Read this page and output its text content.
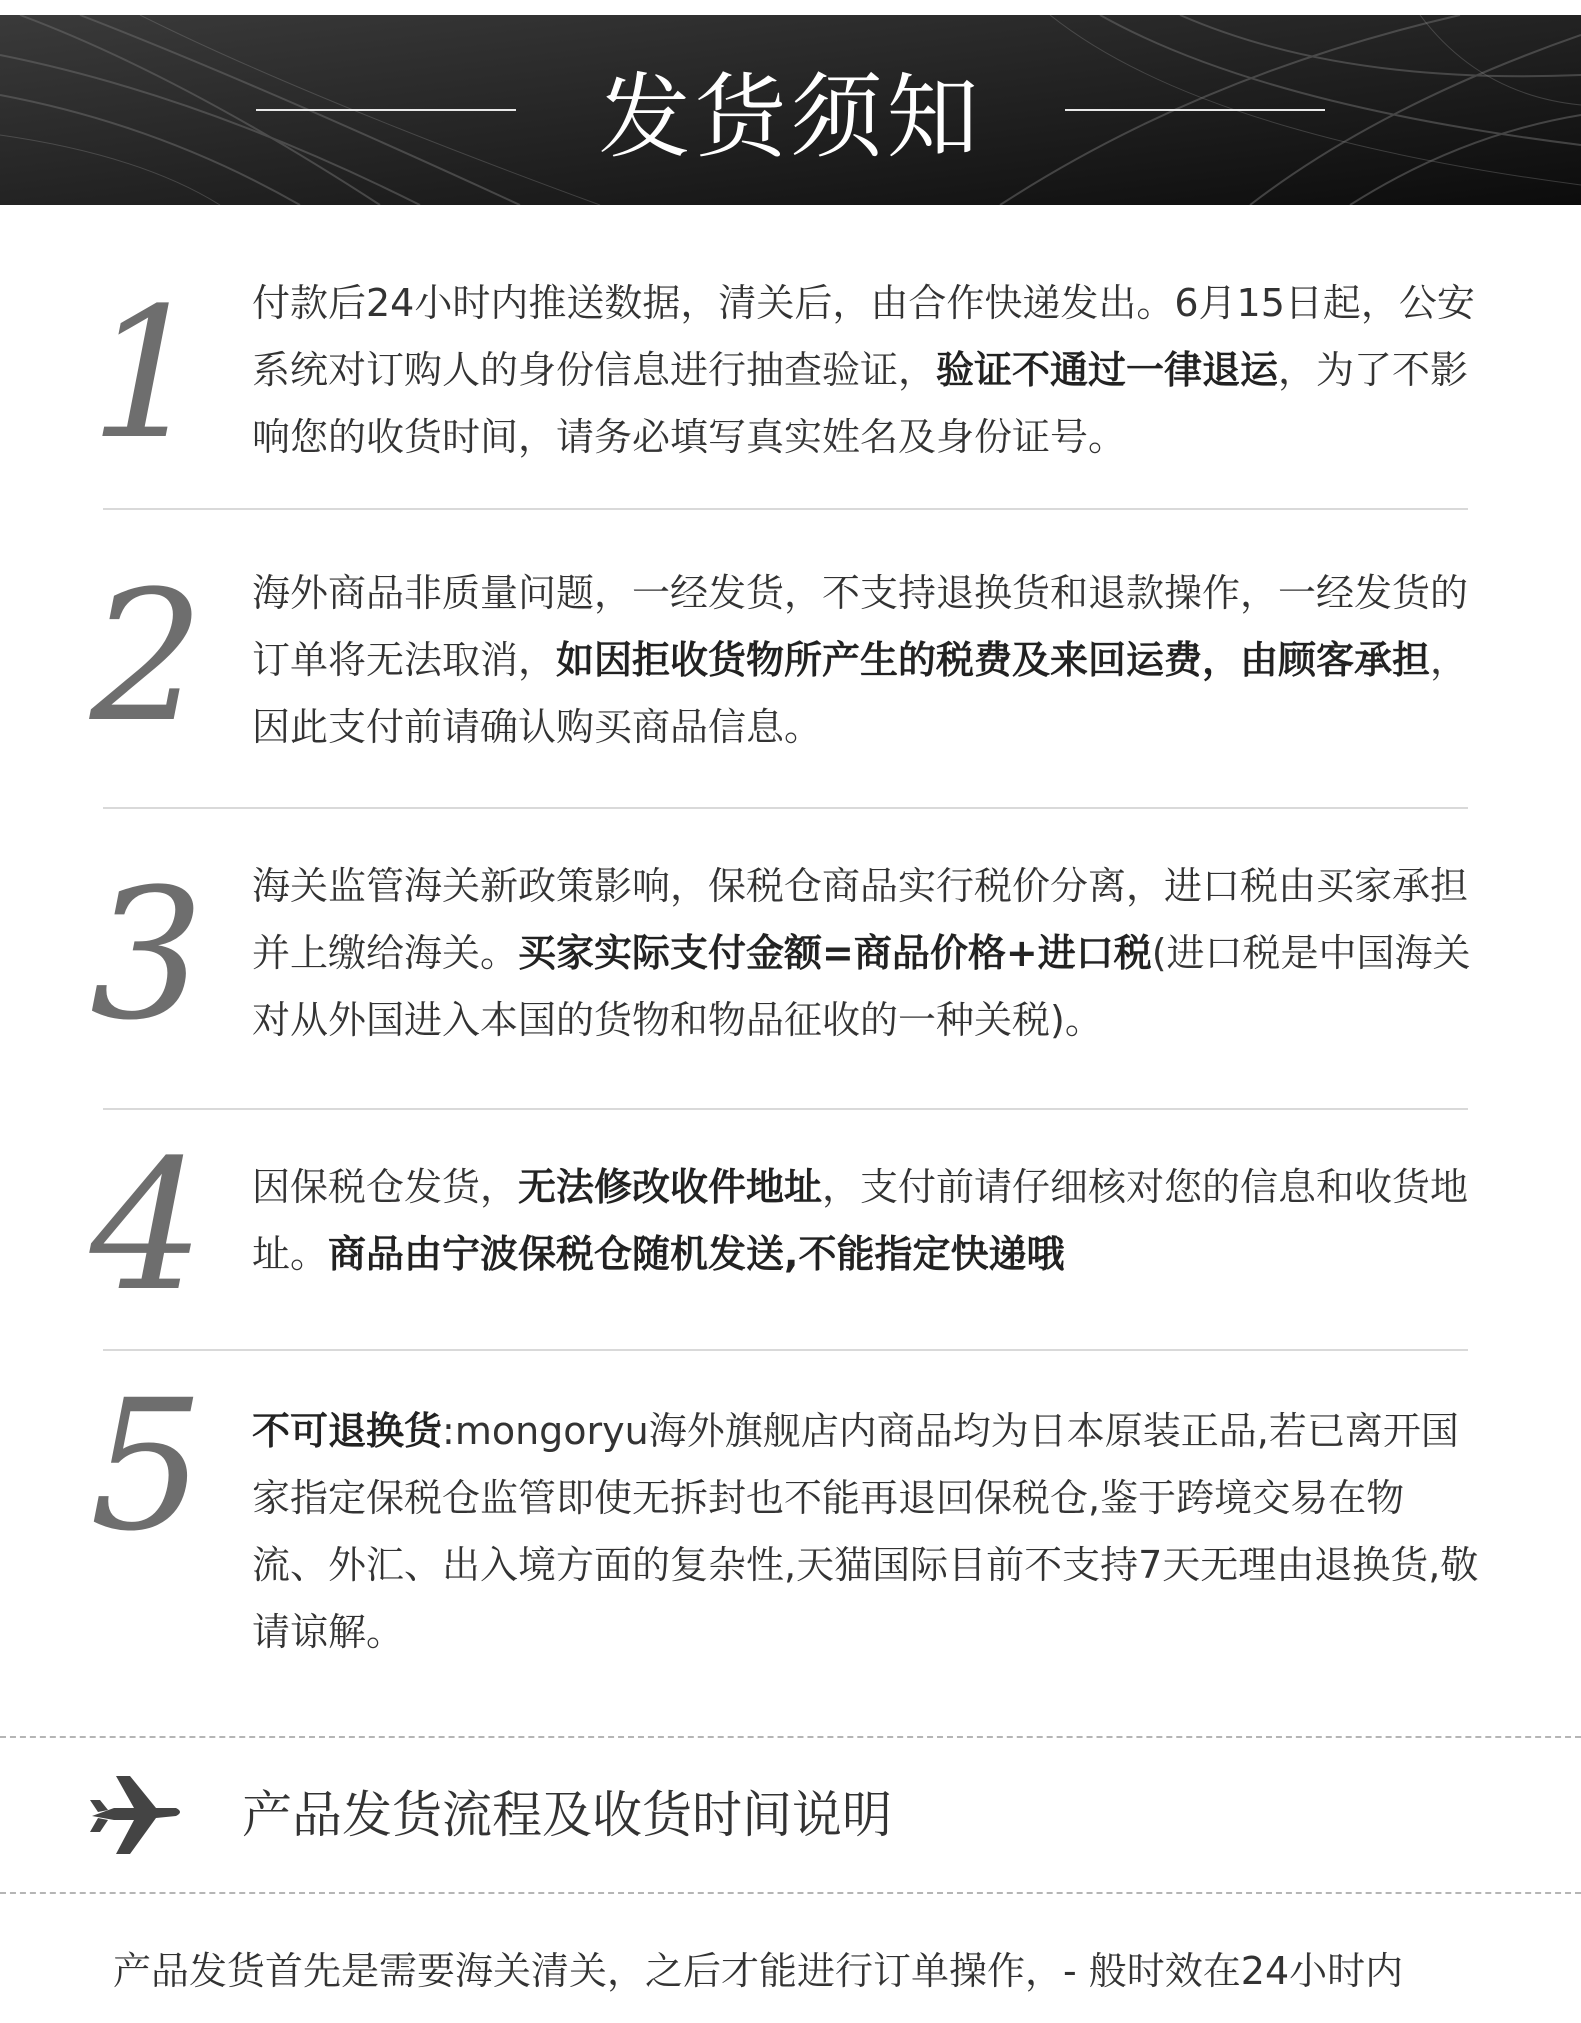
发货须知
1 付款后24小时内推送数据，清关后，由合作快递发出。6月15日起，公安系统对订购人的身份信息进行抽查验证，验证不通过一律退运，为了不影响您的收货时间，请务必填写真实姓名及身份证号。
2 海外商品非质量问题，一经发货，不支持退换货和退款操作，一经发货的订单将无法取消，如因拒收货物所产生的税费及来回运费，由顾客承担，因此支付前请确认购买商品信息。
3 海关监管海关新政策影响，保税仓商品实行税价分离，进口税由买家承担并上缴给海关。买家实际支付金额=商品价格+进口税(进口税是中国海关对从外国进入本国的货物和物品征收的一种关税)。
4 因保税仓发货，无法修改收件地址，支付前请仔细核对您的信息和收货地址。商品由宁波保税仓随机发送,不能指定快递哦
5 不可退换货:mongoryu海外旗舰店内商品均为日本原装正品,若已离开国家指定保税仓监管即使无拆封也不能再退回保税仓,鉴于跨境交易在物流、外汇、出入境方面的复杂性,天猫国际目前不支持7天无理由退换货,敬请谅解。
产品发货流程及收货时间说明
产品发货首先是需要海关清关，之后才能进行订单操作，- 般时效在24小时内
